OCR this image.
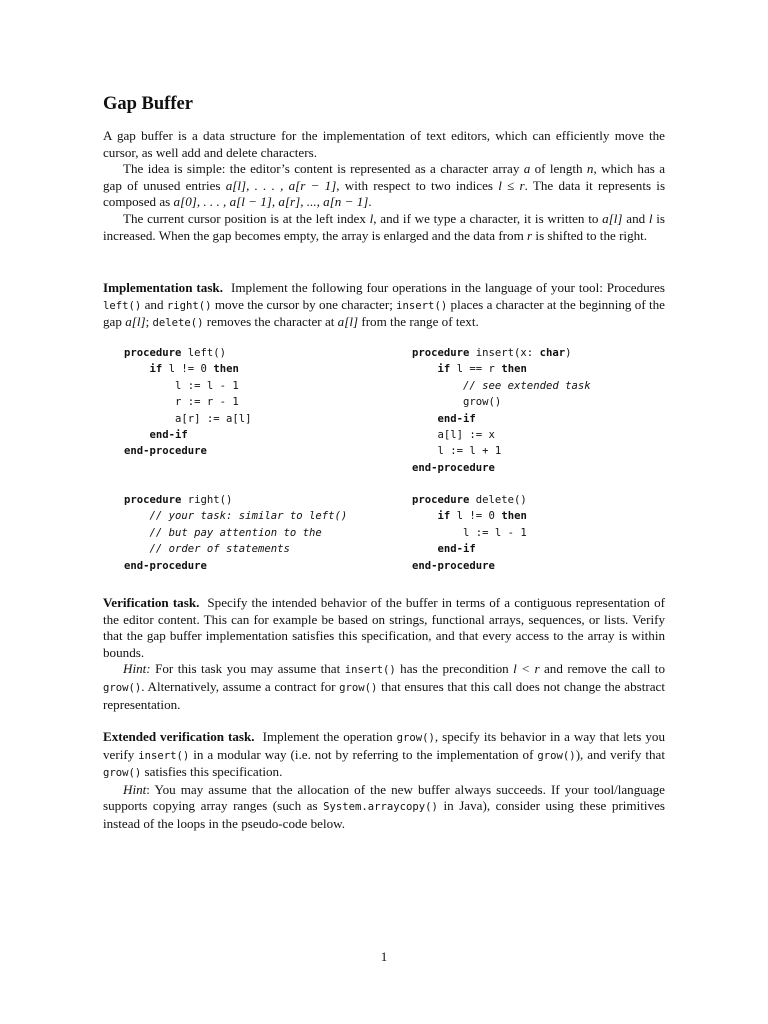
Gap Buffer

A gap buffer is a data structure for the implementation of text editors, which can efficiently move the cursor, as well add and delete characters.

The idea is simple: the editor’s content is represented as a character array a of length n, which has a gap of unused entries a[l], . . . , a[r − 1], with respect to two indices l ≤ r. The data it represents is composed as a[0], . . . , a[l − 1], a[r], ..., a[n − 1].

The current cursor position is at the left index l, and if we type a character, it is written to a[l] and l is increased. When the gap becomes empty, the array is enlarged and the data from r is shifted to the right.

Implementation task. Implement the following four operations in the language of your tool: Procedures left() and right() move the cursor by one character; insert() places a character at the beginning of the gap a[l]; delete() removes the character at a[l] from the range of text.

procedure left()
if l != 0 then
l := l - 1
r := r - 1
a[r] := a[l]
end-if
end-procedure
procedure insert(x: char)
if l == r then
// see extended task
grow()
end-if
a[l] := x
l := l + 1
end-procedure
procedure right()
// your task: similar to left()
// but pay attention to the
// order of statements
end-procedure
procedure delete()
if l != 0 then
l := l - 1
end-if
end-procedure

Verification task. Specify the intended behavior of the buffer in terms of a contiguous representation of the editor content. This can for example be based on strings, functional arrays, sequences, or lists. Verify that the gap buffer implementation satisfies this specification, and that every access to the array is within bounds.

Hint: For this task you may assume that insert() has the precondition l < r and remove the call to grow(). Alternatively, assume a contract for grow() that ensures that this call does not change the abstract representation.

Extended verification task. Implement the operation grow(), specify its behavior in a way that lets you verify insert() in a modular way (i.e. not by referring to the implementation of grow()), and verify that grow() satisfies this specification.

Hint: You may assume that the allocation of the new buffer always succeeds. If your tool/language supports copying array ranges (such as System.arraycopy() in Java), consider using these primitives instead of the loops in the pseudo-code below.

1
